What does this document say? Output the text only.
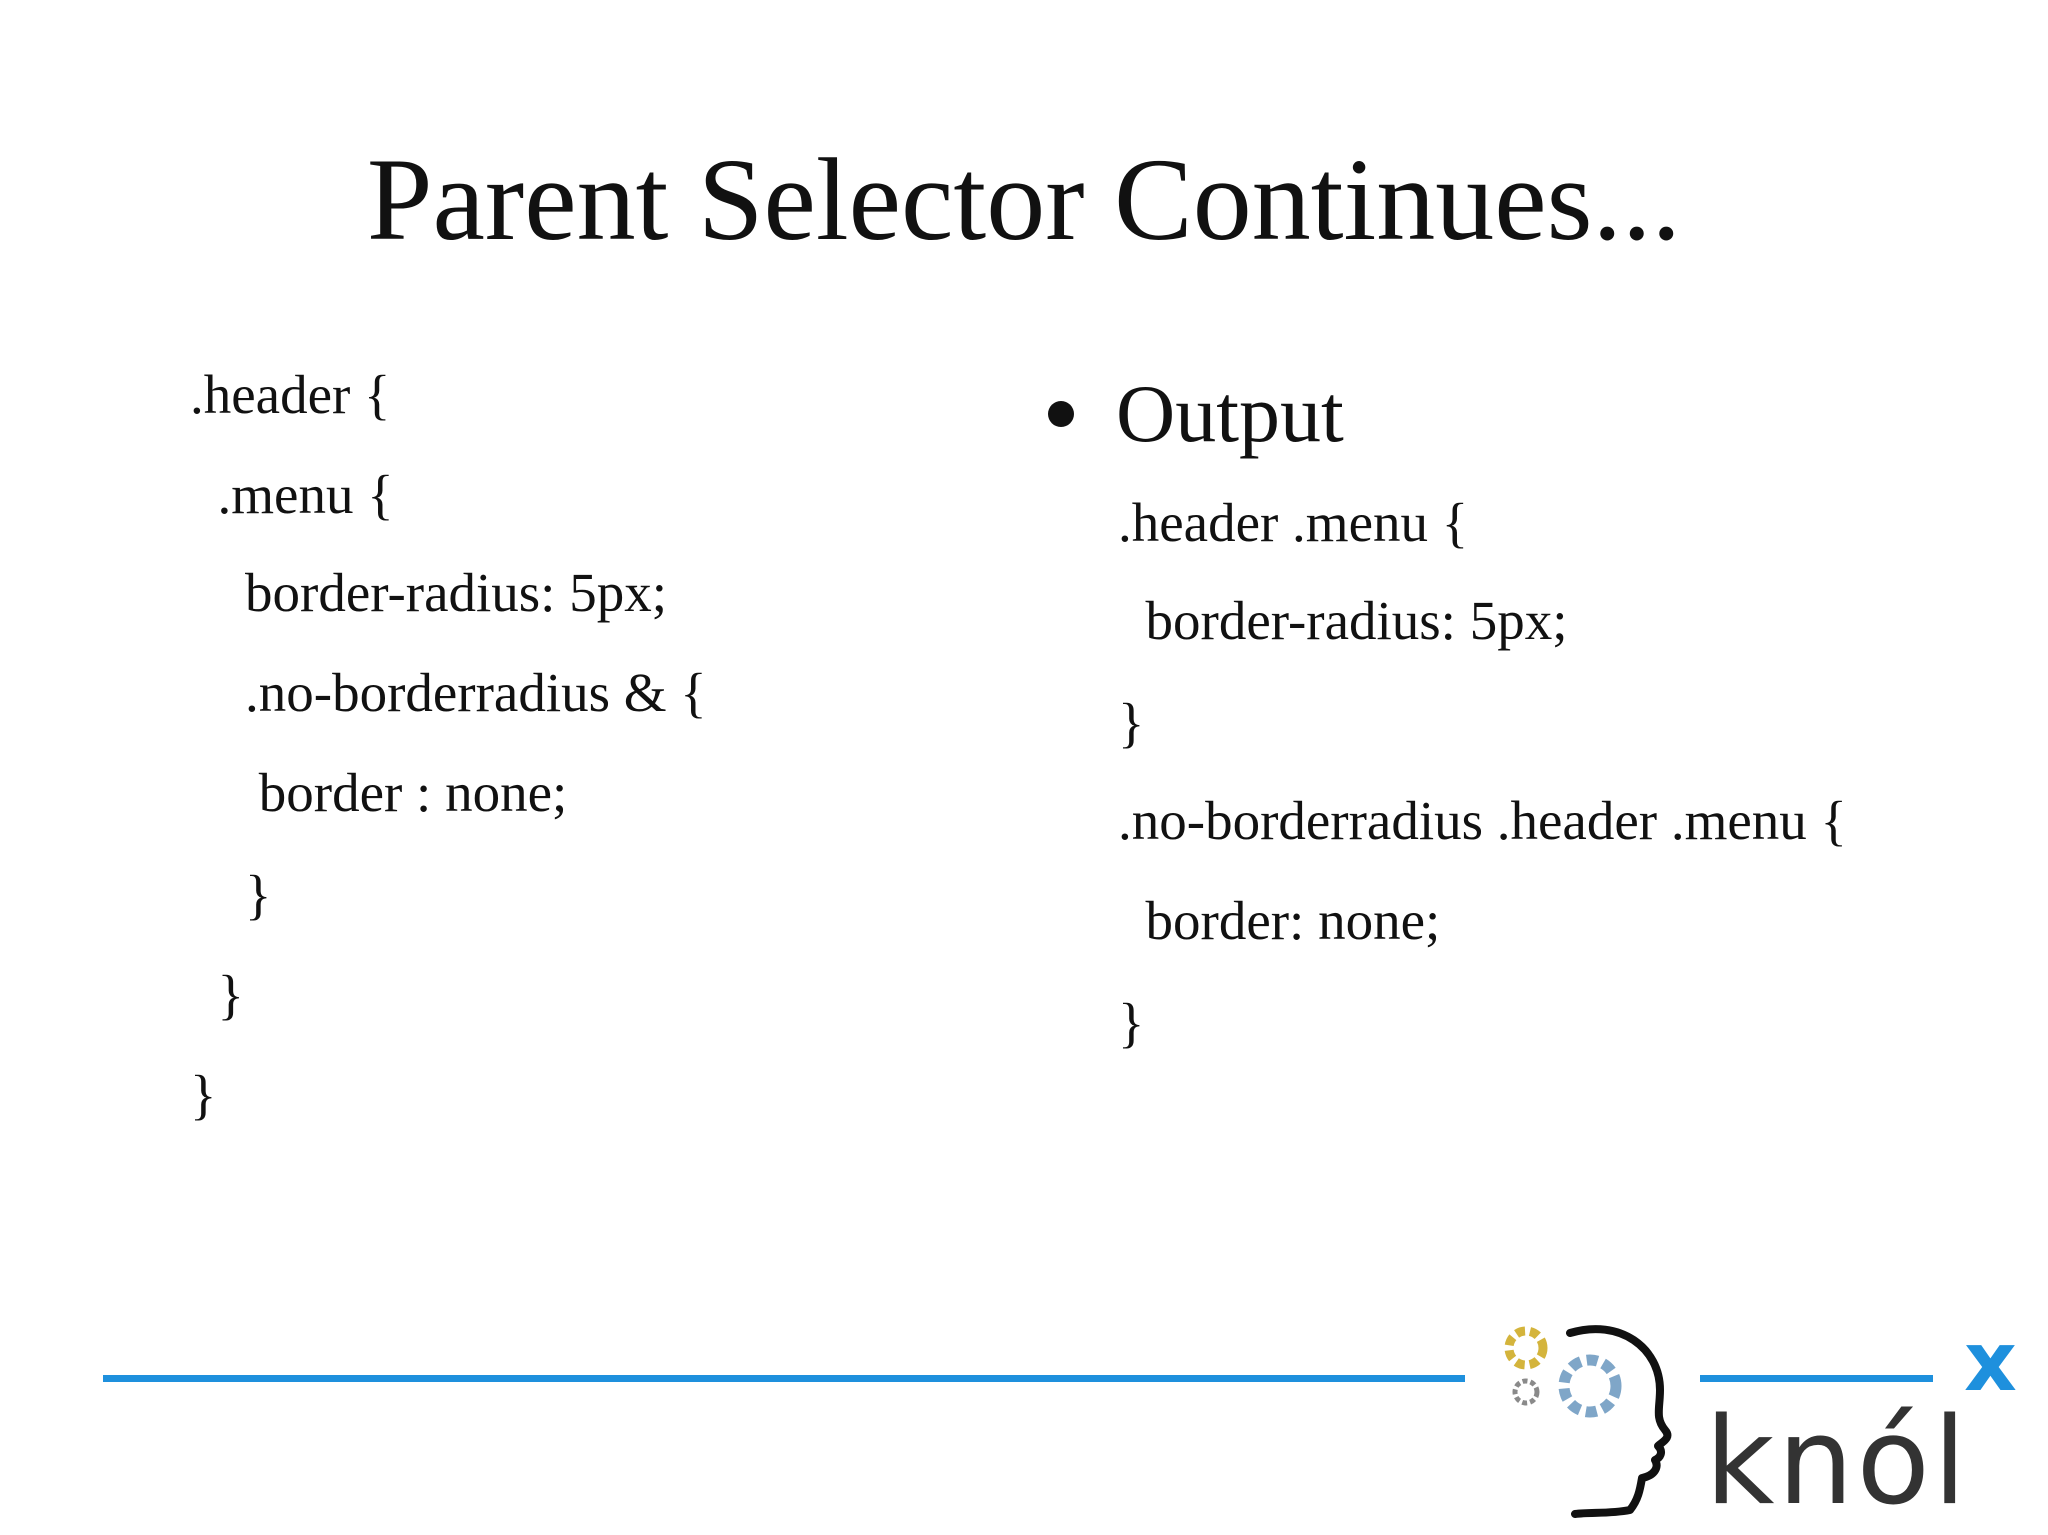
Parent Selector Continues...
.header {
.menu {
border-radius: 5px;
.no-borderradius & {
border : none;
}
}
}
Output
.header .menu {
border-radius: 5px;
}
.no-borderradius .header .menu {
border: none;
}
knól
x
